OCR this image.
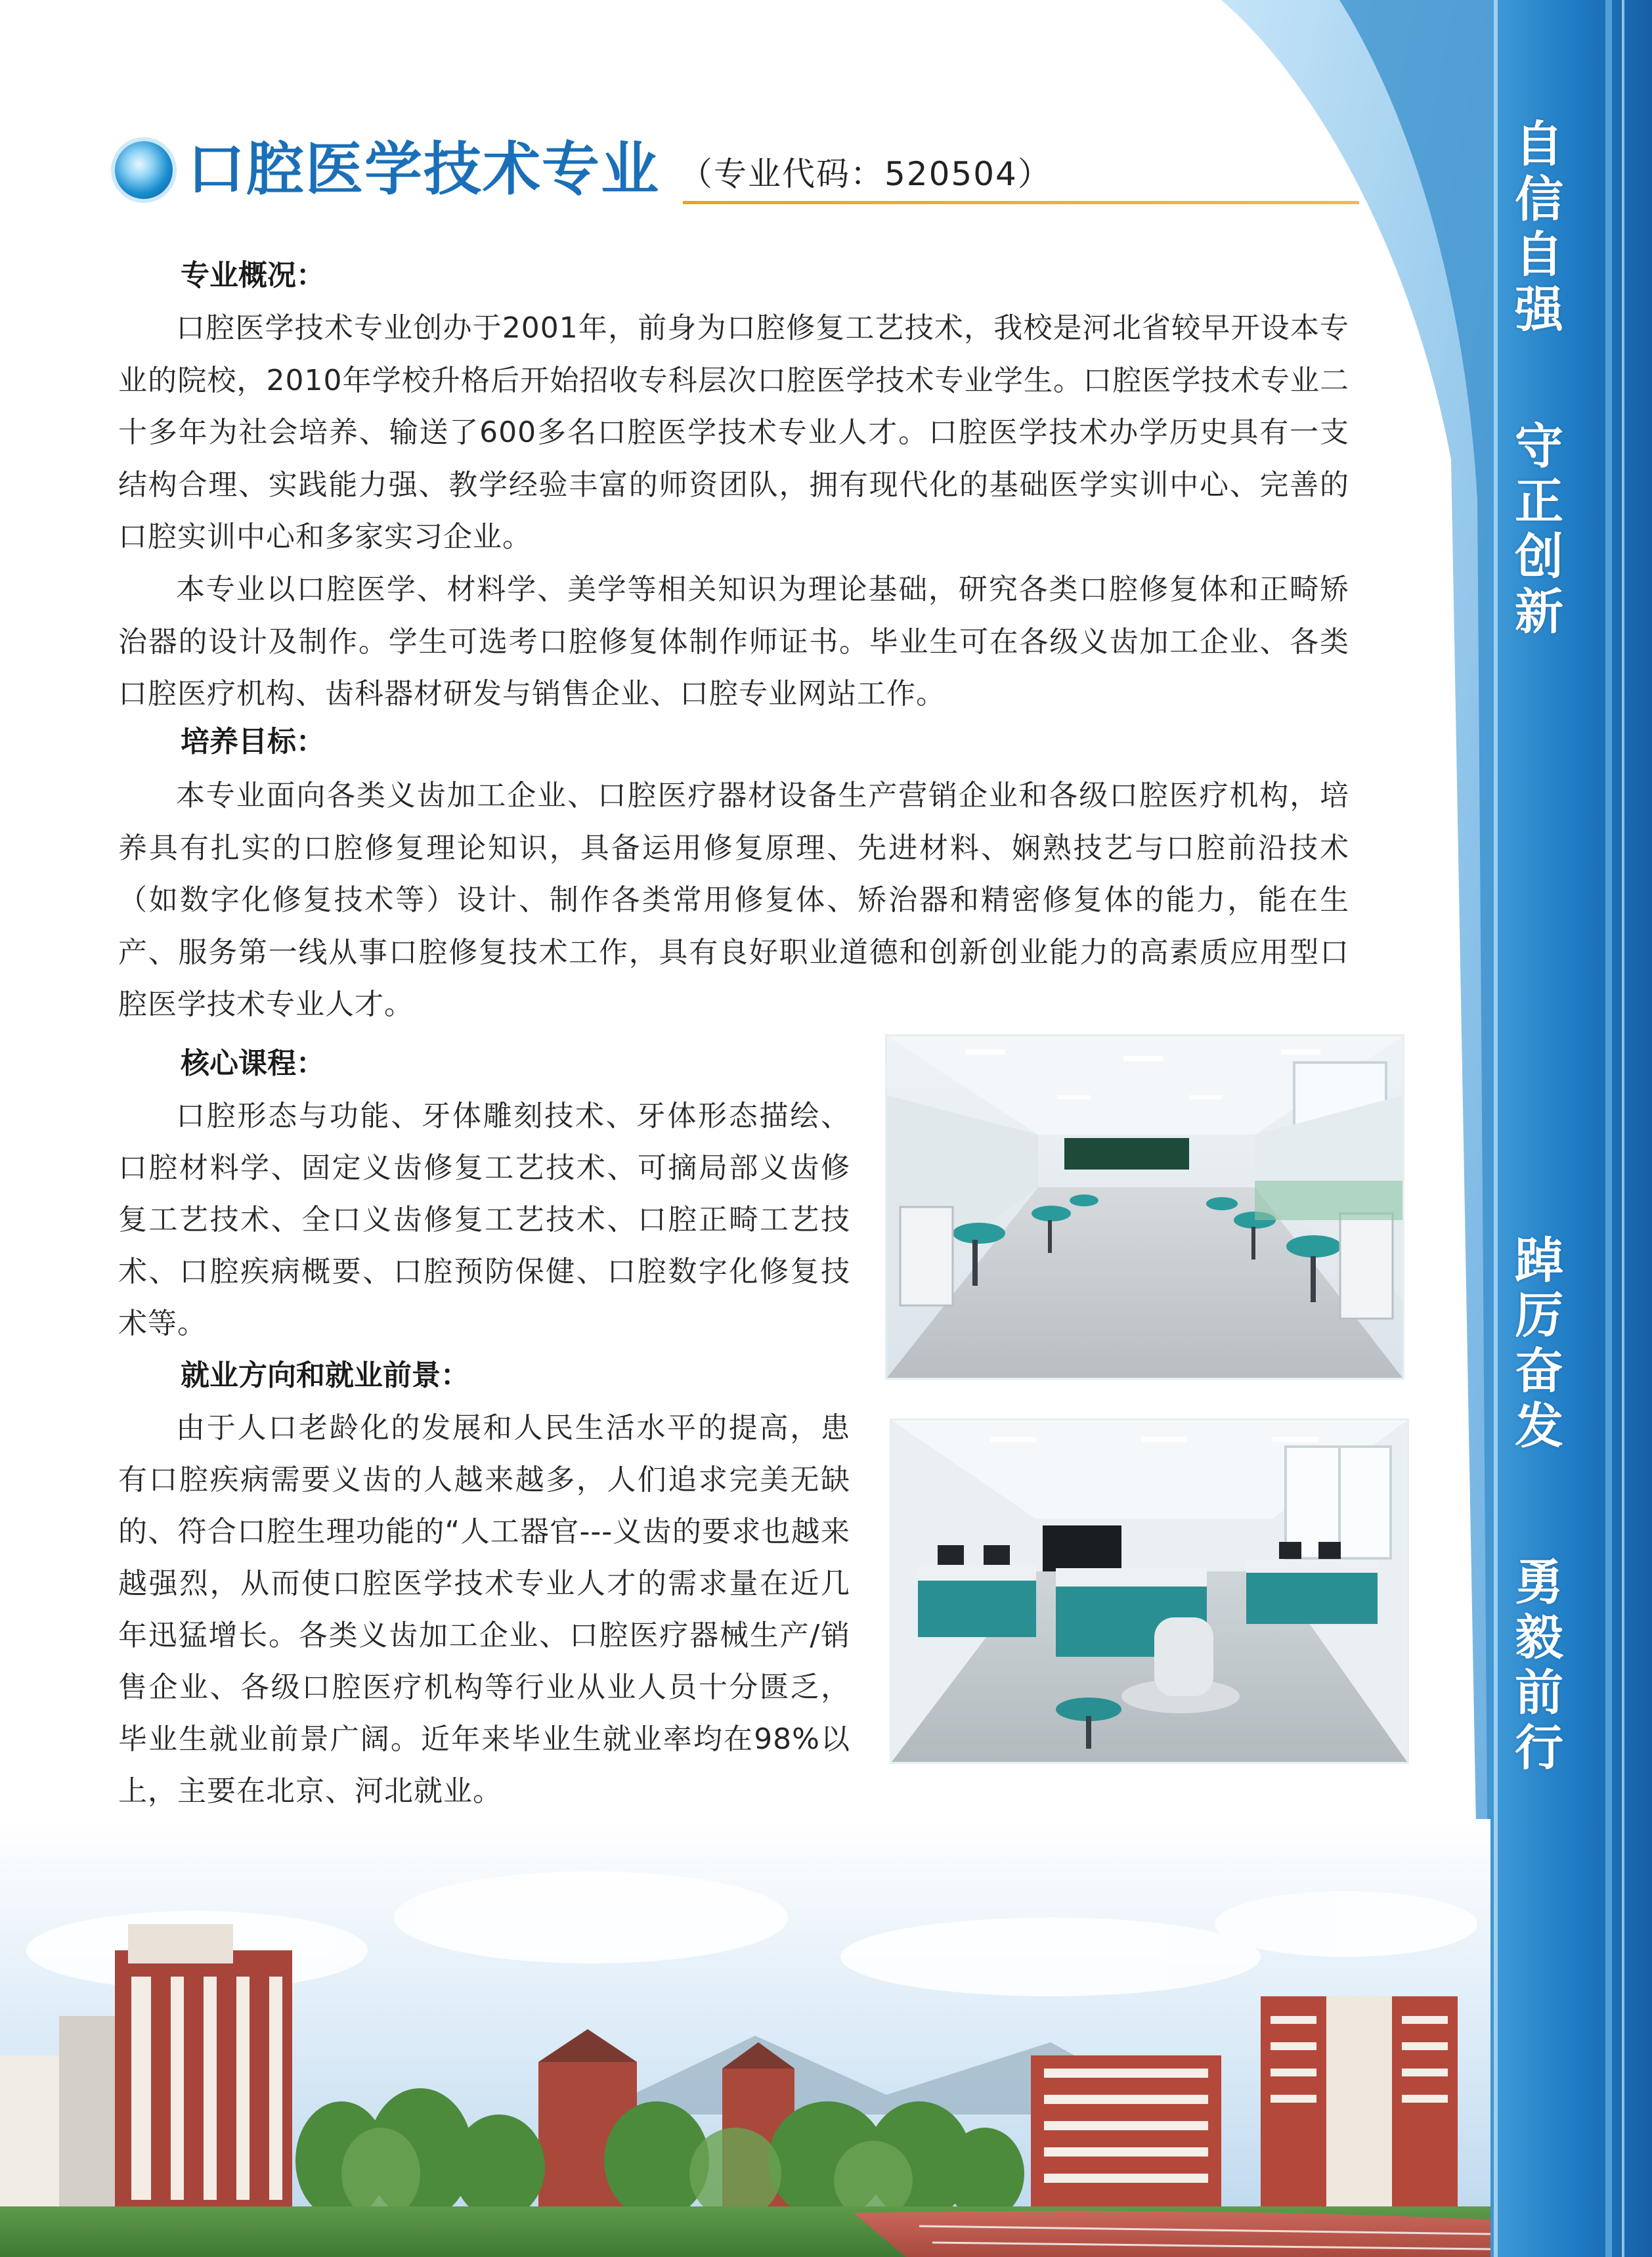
自信自强
守正创新
踔厉奋发
勇毅前行
口腔医学技术专业 （专业代码：520504）
专业概况：

口腔医学技术专业创办于2001年，前身为口腔修复工艺技术，我校是河北省较早开设本专业的院校，2010年学校升格后开始招收专科层次口腔医学技术专业学生。口腔医学技术专业二十多年为社会培养、输送了600多名口腔医学技术专业人才。口腔医学技术办学历史具有一支结构合理、实践能力强、教学经验丰富的师资团队，拥有现代化的基础医学实训中心、完善的口腔实训中心和多家实习企业。

本专业以口腔医学、材料学、美学等相关知识为理论基础，研究各类口腔修复体和正畸矫治器的设计及制作。学生可选考口腔修复体制作师证书。毕业生可在各级义齿加工企业、各类口腔医疗机构、齿科器材研发与销售企业、口腔专业网站工作。

培养目标：

本专业面向各类义齿加工企业、口腔医疗器材设备生产营销企业和各级口腔医疗机构，培养具有扎实的口腔修复理论知识，具备运用修复原理、先进材料、娴熟技艺与口腔前沿技术（如数字化修复技术等）设计、制作各类常用修复体、矫治器和精密修复体的能力，能在生产、服务第一线从事口腔修复技术工作，具有良好职业道德和创新创业能力的高素质应用型口腔医学技术专业人才。

核心课程：

口腔形态与功能、牙体雕刻技术、牙体形态描绘、口腔材料学、固定义齿修复工艺技术、可摘局部义齿修复工艺技术、全口义齿修复工艺技术、口腔正畸工艺技术、口腔疾病概要、口腔预防保健、口腔数字化修复技术等。

就业方向和就业前景：

由于人口老龄化的发展和人民生活水平的提高，患有口腔疾病需要义齿的人越来越多，人们追求完美无缺的、符合口腔生理功能的“人工器官---义齿的要求也越来越强烈，从而使口腔医学技术专业人才的需求量在近几年迅猛增长。各类义齿加工企业、口腔医疗器械生产/销售企业、各级口腔医疗机构等行业从业人员十分匮乏，毕业生就业前景广阔。近年来毕业生就业率均在98%以上，主要在北京、河北就业。
